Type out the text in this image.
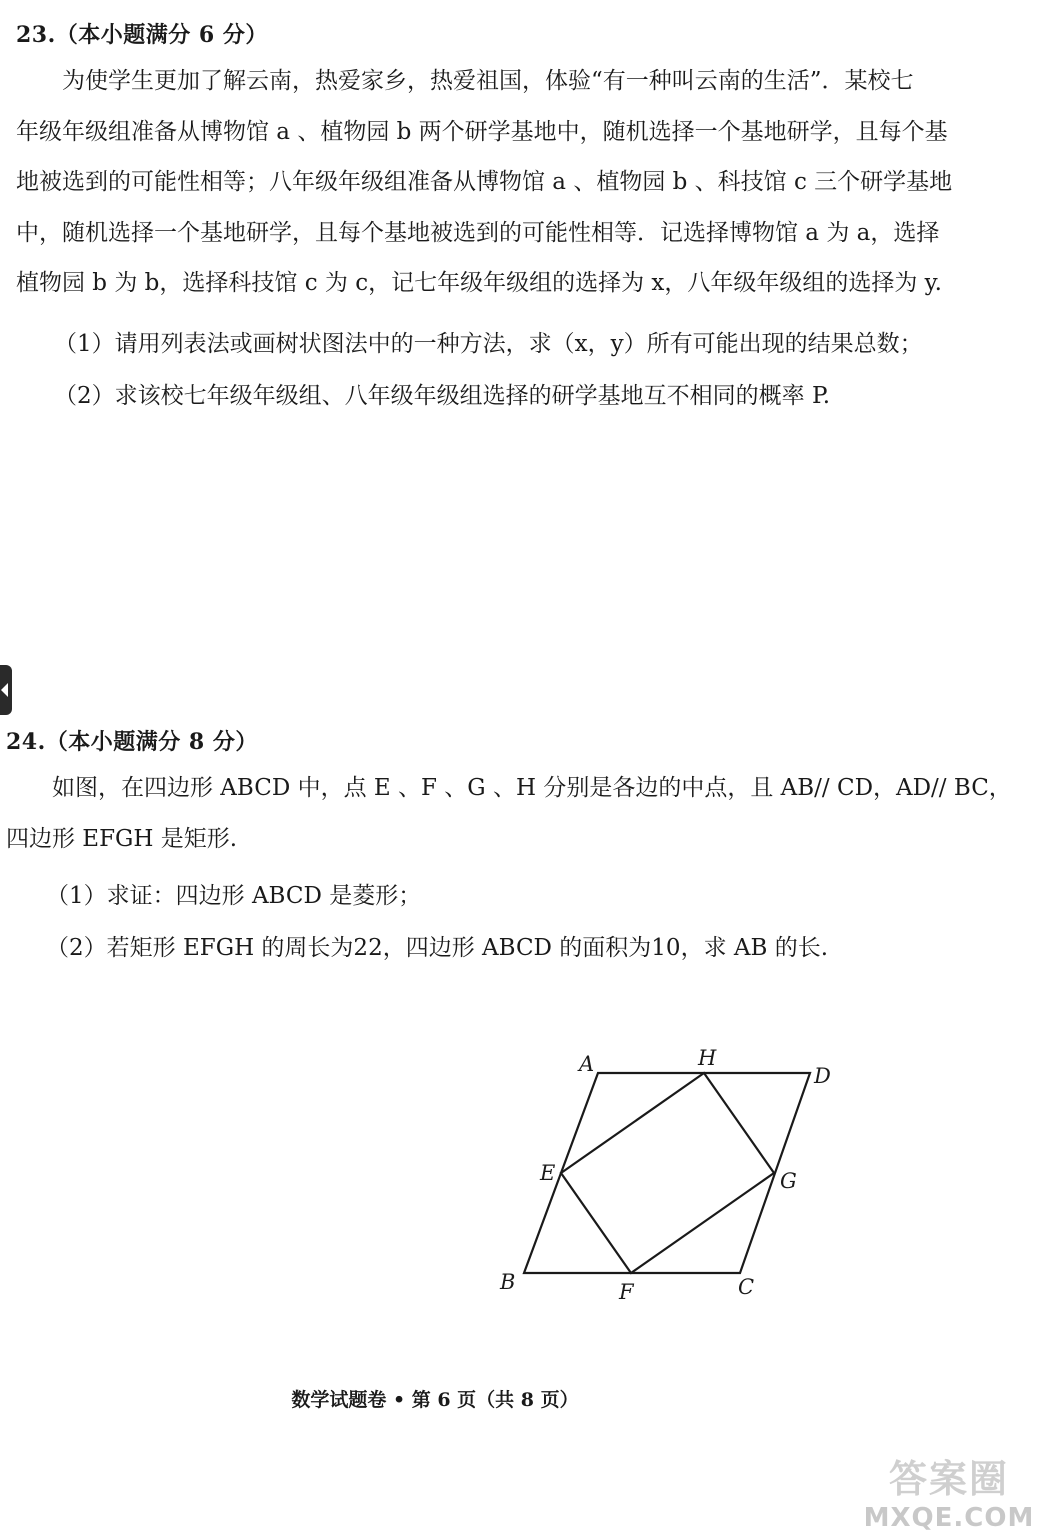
23.（本小题满分 6 分）
为使学生更加了解云南，热爱家乡，热爱祖国，体验“有一种叫云南的生活”．某校七
年级年级组准备从博物馆 a 、植物园 b 两个研学基地中，随机选择一个基地研学，且每个基
地被选到的可能性相等；八年级年级组准备从博物馆 a 、植物园 b 、科技馆 c 三个研学基地
中，随机选择一个基地研学，且每个基地被选到的可能性相等．记选择博物馆 a 为 a，选择
植物园 b 为 b，选择科技馆 c 为 c，记七年级年级组的选择为 x，八年级年级组的选择为 y.
（1）请用列表法或画树状图法中的一种方法，求（x，y）所有可能出现的结果总数；
（2）求该校七年级年级组、八年级年级组选择的研学基地互不相同的概率 P.
24.（本小题满分 8 分）
如图，在四边形 ABCD 中，点 E 、F 、G 、H 分别是各边的中点，且 AB// CD，AD// BC，
四边形 EFGH 是矩形.
（1）求证：四边形 ABCD 是菱形；
（2）若矩形 EFGH 的周长为22，四边形 ABCD 的面积为10，求 AB 的长.
A	H
D
E	G
B	F	C
数学试题卷 • 第 6 页（共 8 页）
答案圈
MXQE.COM
